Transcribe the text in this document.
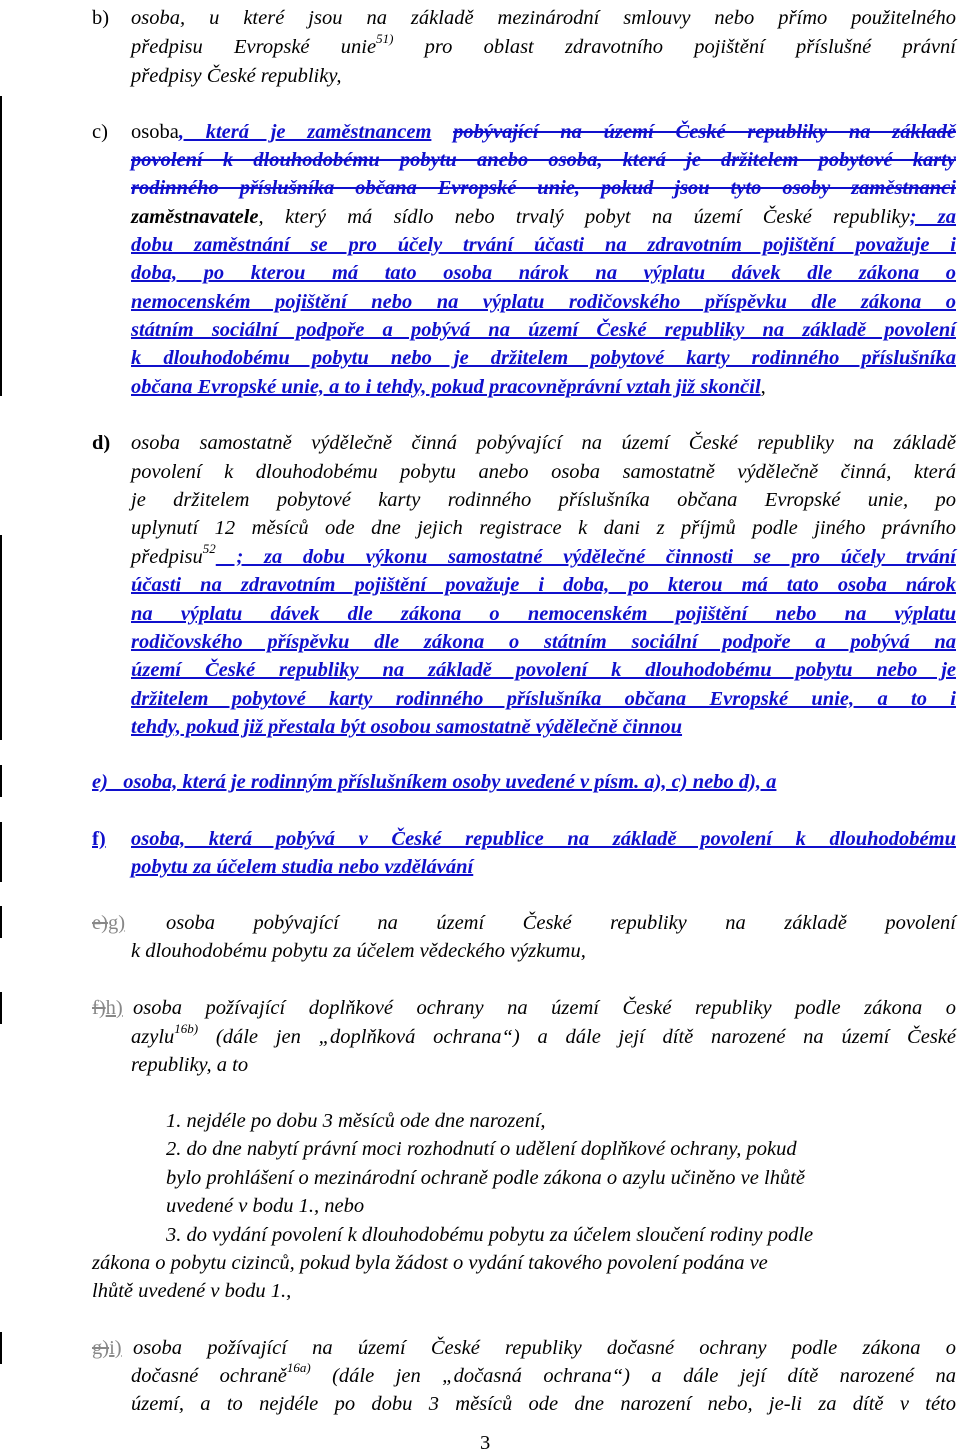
b) osoba, u které jsou na základě mezinárodní smlouvy nebo přímo použitelného
předpisu Evropské unie$^{51)}$ pro oblast zdravotního pojištění příslušné právní
předpisy České republiky,
c) osoba, která je zaměstnancem pobývající na území České republiky na základě
povolení k dlouhodobému pobytu anebo osoba, která je držitelem pobytové karty
rodinného příslušníka občana Evropské unie, pokud jsou tyto osoby zaměstnanci
zaměstnavatele, který má sídlo nebo trvalý pobyt na území České republiky; za
dobu zaměstnání se pro účely trvání účasti na zdravotním pojištění považuje i
doba, po kterou má tato osoba nárok na výplatu dávek dle zákona o
nemocenském pojištění nebo na výplatu rodičovského příspěvku dle zákona o
státním sociální podpoře a pobývá na území České republiky na základě povolení
k dlouhodobému pobytu nebo je držitelem pobytové karty rodinného příslušníka
občana Evropské unie, a to i tehdy, pokud pracovněprávní vztah již skončil,
d) osoba samostatně výdělečně činná pobývající na území České republiky na základě
povolení k dlouhodobému pobytu anebo osoba samostatně výdělečně činná, která
je držitelem pobytové karty rodinného příslušníka občana Evropské unie, po
uplynutí 12 měsíců ode dne jejich registrace k dani z příjmů podle jiného právního
předpisu$^{52}$ ; za dobu výkonu samostatné výdělečné činnosti se pro účely trvání
účasti na zdravotním pojištění považuje i doba, po kterou má tato osoba nárok
na výplatu dávek dle zákona o nemocenském pojištění nebo na výplatu
rodičovského příspěvku dle zákona o státním sociální podpoře a pobývá na
území České republiky na základě povolení k dlouhodobému pobytu nebo je
držitelem pobytové karty rodinného příslušníka občana Evropské unie, a to i
tehdy, pokud již přestala být osobou samostatně výdělečně činnou
e)   osoba, která je rodinným příslušníkem osoby uvedené v písm. a), c) nebo d), a
f)	osoba, která pobývá v České republice na základě povolení k dlouhodobému
pobytu za účelem studia nebo vzdělávání
e)g)	osoba pobývající na území České republiky na základě povolení
k dlouhodobému pobytu za účelem vědeckého výzkumu,
f)h) osoba požívající doplňkové ochrany na území České republiky podle zákona o
azylu$^{16b)}$ (dále jen „doplňková ochrana“) a dále její dítě narozené na území České
republiky, a to
1. nejdéle po dobu 3 měsíců ode dne narození,
2. do dne nabytí právní moci rozhodnutí o udělení doplňkové ochrany, pokud
bylo prohlášení o mezinárodní ochraně podle zákona o azylu učiněno ve lhůtě
uvedené v bodu 1., nebo
3. do vydání povolení k dlouhodobému pobytu za účelem sloučení rodiny podle
zákona o pobytu cizinců, pokud byla žádost o vydání takového povolení podána ve
lhůtě uvedené v bodu 1.,
g)i) osoba požívající na území České republiky dočasné ochrany podle zákona o
dočasné ochraně$^{16a)}$ (dále jen „dočasná ochrana“) a dále její dítě narozené na
území, a to nejdéle po dobu 3 měsíců ode dne narození nebo, je-li za dítě v této
3
